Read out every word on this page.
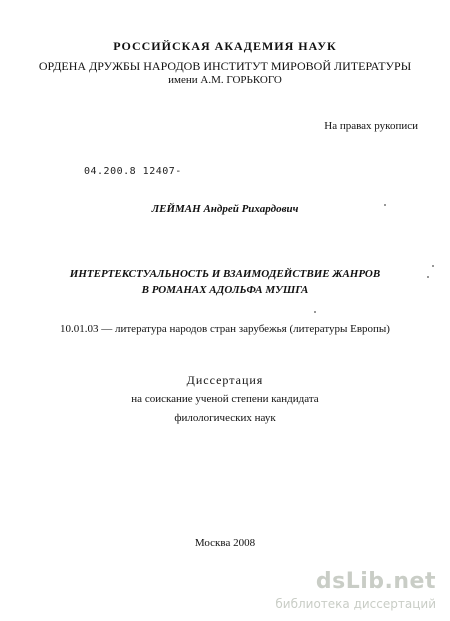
РОССИЙСКАЯ АКАДЕМИЯ НАУК
ОРДЕНА ДРУЖБЫ НАРОДОВ ИНСТИТУТ МИРОВОЙ ЛИТЕРАТУРЫ
имени А.М. ГОРЬКОГО
На правах рукописи
04.200.8 12407-
ЛЕЙМАН Андрей Рихардович
ИНТЕРТЕКСТУАЛЬНОСТЬ И ВЗАИМОДЕЙСТВИЕ ЖАНРОВ
В РОМАНАХ АДОЛЬФА МУШГА
10.01.03 — литература народов стран зарубежья (литературы Европы)
Диссертация
на соискание ученой степени кандидата
филологических наук
Москва 2008
dsLib.net
библиотека диссертаций
